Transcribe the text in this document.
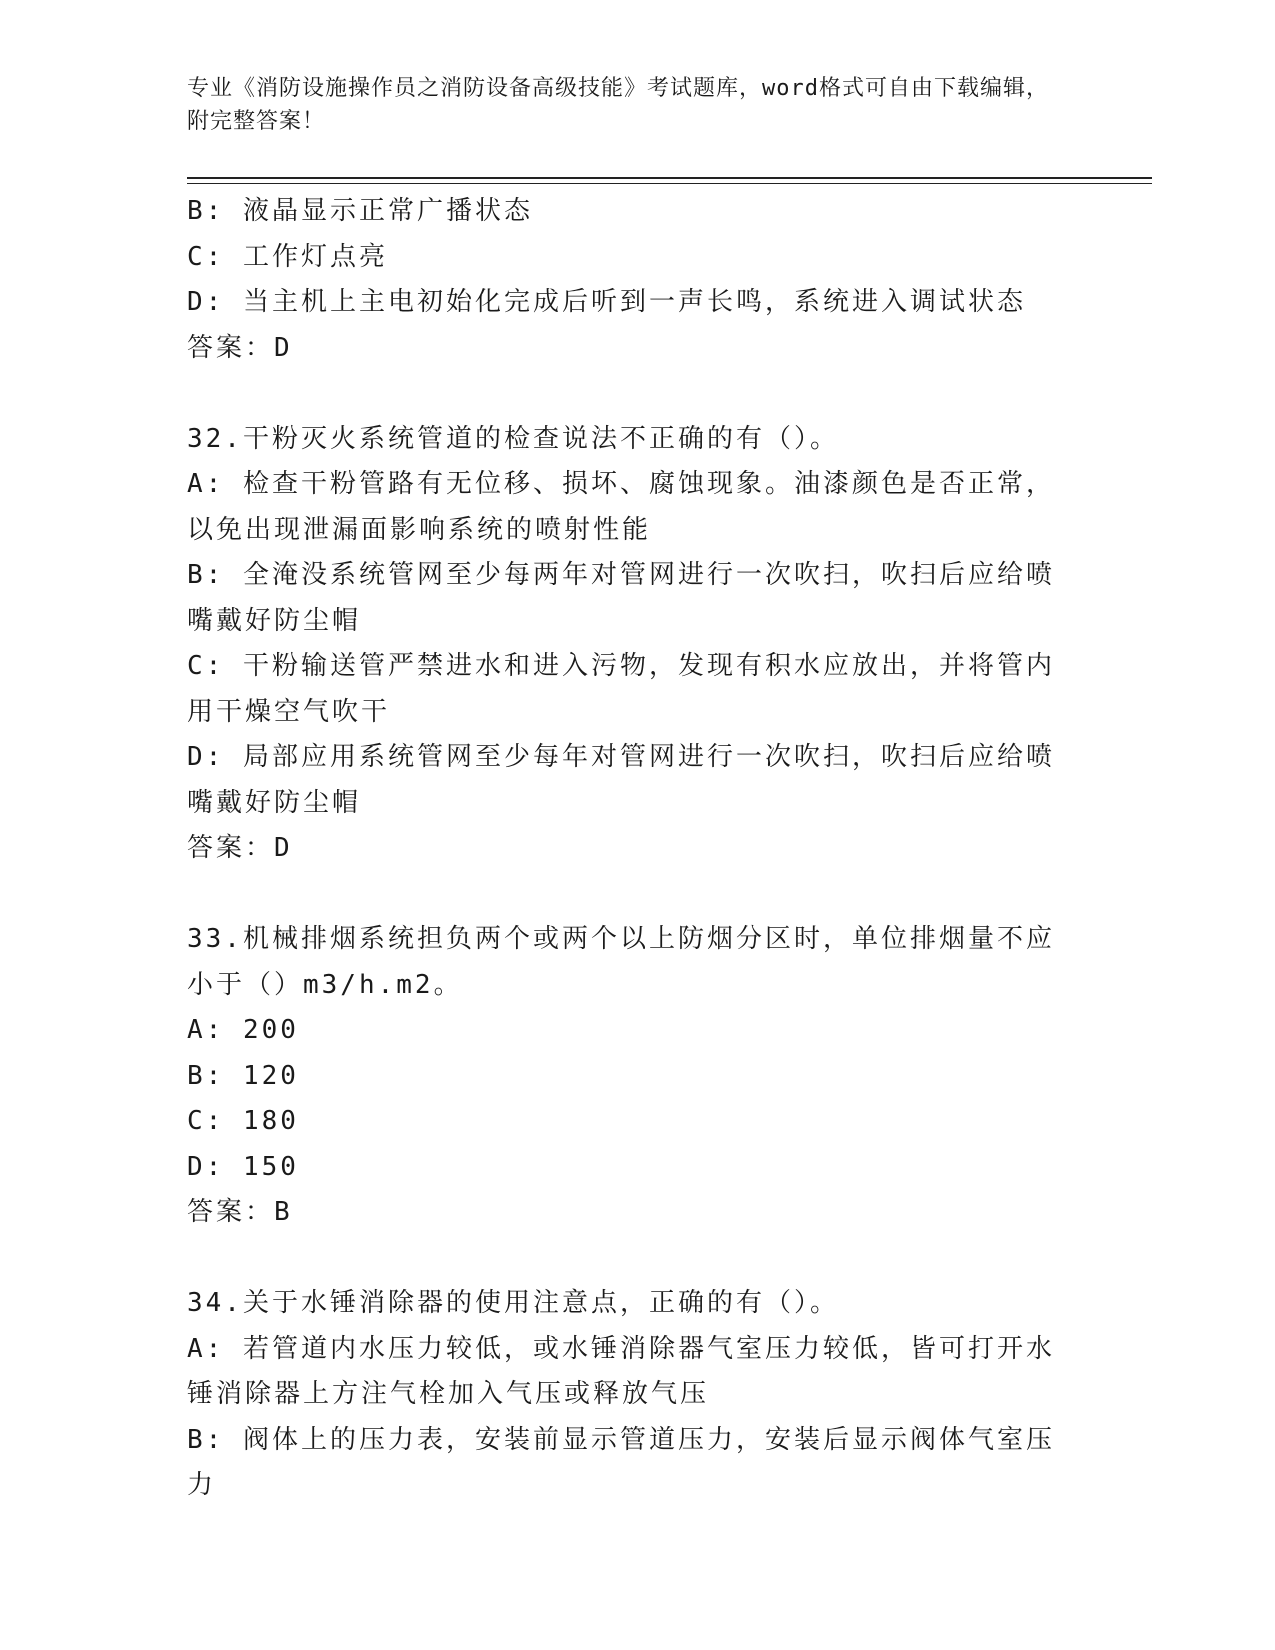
专业《消防设施操作员之消防设备高级技能》考试题库，word格式可自由下载编辑，附完整答案！
B: 液晶显示正常广播状态
C: 工作灯点亮
D: 当主机上主电初始化完成后听到一声长鸣，系统进入调试状态
答案：D
32.干粉灭火系统管道的检查说法不正确的有（）。
A: 检查干粉管路有无位移、损坏、腐蚀现象。油漆颜色是否正常，以免出现泄漏面影响系统的喷射性能
B: 全淹没系统管网至少每两年对管网进行一次吹扫，吹扫后应给喷嘴戴好防尘帽
C: 干粉输送管严禁进水和进入污物，发现有积水应放出，并将管内用干燥空气吹干
D: 局部应用系统管网至少每年对管网进行一次吹扫，吹扫后应给喷嘴戴好防尘帽
答案：D
33.机械排烟系统担负两个或两个以上防烟分区时，单位排烟量不应小于（）m3/h.m2。
A: 200
B: 120
C: 180
D: 150
答案：B
34.关于水锤消除器的使用注意点，正确的有（）。
A: 若管道内水压力较低，或水锤消除器气室压力较低，皆可打开水锤消除器上方注气栓加入气压或释放气压
B: 阀体上的压力表，安装前显示管道压力，安装后显示阀体气室压力
